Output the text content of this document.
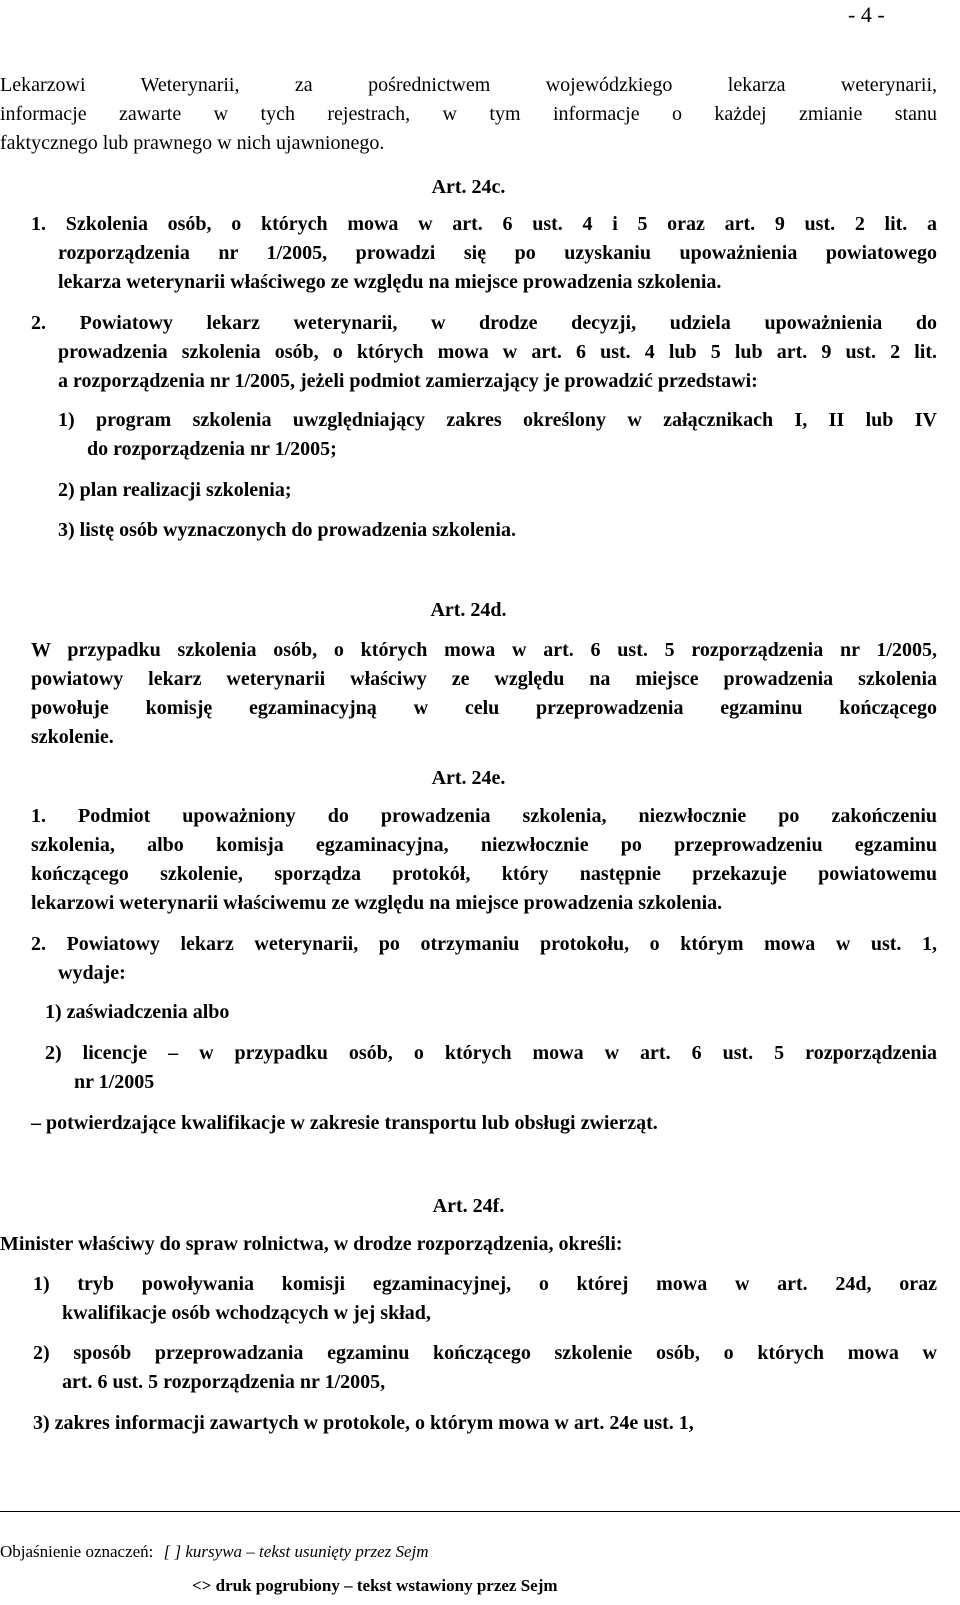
- 4 -
Lekarzowi Weterynarii, za pośrednictwem wojewódzkiego lekarza weterynarii,
informacje zawarte w tych rejestrach, w tym informacje o każdej zmianie stanu
faktycznego lub prawnego w nich ujawnionego.
Art. 24c.
1. Szkolenia osób, o których mowa w art. 6 ust. 4 i 5 oraz art. 9 ust. 2 lit. a
rozporządzenia nr 1/2005, prowadzi się po uzyskaniu upoważnienia powiatowego
lekarza weterynarii właściwego ze względu na miejsce prowadzenia szkolenia.
2. Powiatowy lekarz weterynarii, w drodze decyzji, udziela upoważnienia do
prowadzenia szkolenia osób, o których mowa w art. 6 ust. 4 lub 5 lub art. 9 ust. 2 lit.
a rozporządzenia nr 1/2005, jeżeli podmiot zamierzający je prowadzić przedstawi:
1) program szkolenia uwzględniający zakres określony w załącznikach I, II lub IV
do rozporządzenia nr 1/2005;
2) plan realizacji szkolenia;
3) listę osób wyznaczonych do prowadzenia szkolenia.
Art. 24d.
W przypadku szkolenia osób, o których mowa w art. 6 ust. 5 rozporządzenia nr 1/2005,
powiatowy lekarz weterynarii właściwy ze względu na miejsce prowadzenia szkolenia
powołuje komisję egzaminacyjną w celu przeprowadzenia egzaminu kończącego
szkolenie.
Art. 24e.
1. Podmiot upoważniony do prowadzenia szkolenia, niezwłocznie po zakończeniu
szkolenia, albo komisja egzaminacyjna, niezwłocznie po przeprowadzeniu egzaminu
kończącego szkolenie, sporządza protokół, który następnie przekazuje powiatowemu
lekarzowi weterynarii właściwemu ze względu na miejsce prowadzenia szkolenia.
2. Powiatowy lekarz weterynarii, po otrzymaniu protokołu, o którym mowa w ust. 1,
wydaje:
1) zaświadczenia albo
2) licencje – w przypadku osób, o których mowa w art. 6 ust. 5 rozporządzenia
nr 1/2005
– potwierdzające kwalifikacje w zakresie transportu lub obsługi zwierząt.
Art. 24f.
Minister właściwy do spraw rolnictwa, w drodze rozporządzenia, określi:
1) tryb powoływania komisji egzaminacyjnej, o której mowa w art. 24d, oraz
kwalifikacje osób wchodzących w jej skład,
2) sposób przeprowadzania egzaminu kończącego szkolenie osób, o których mowa w
art. 6 ust. 5 rozporządzenia nr 1/2005,
3) zakres informacji zawartych w protokole, o którym mowa w art. 24e ust. 1,
Objaśnienie oznaczeń: [ ] kursywa – tekst usunięty przez Sejm
<> druk pogrubiony – tekst wstawiony przez Sejm
